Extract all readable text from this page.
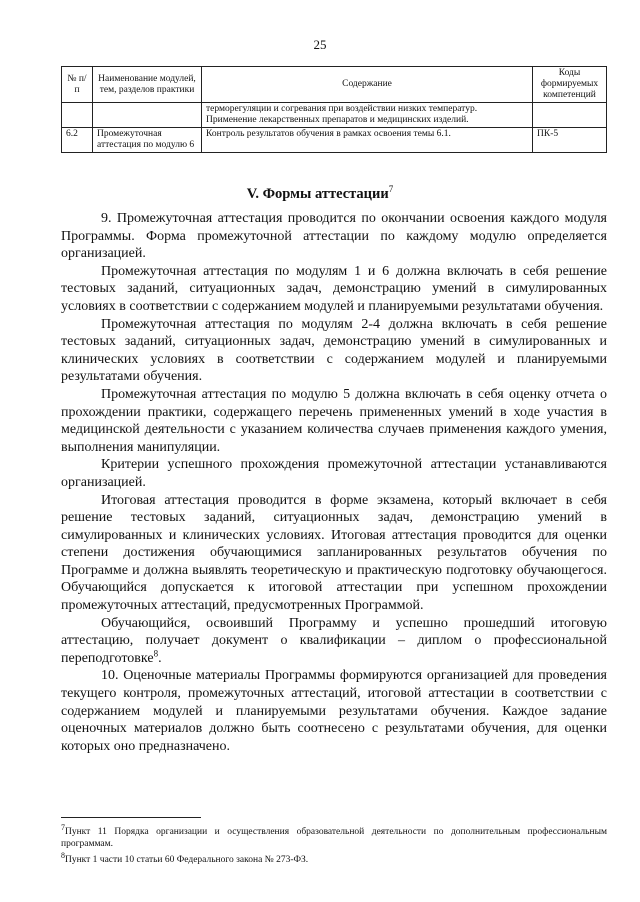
25
№ п/п	Наименование модулей, тем, разделов практики	Содержание	Коды формируемых компетенций

		терморегуляции и согревания при воздействии низких температур.
Применение лекарственных препаратов и медицинских изделий.	

6.2	Промежуточная аттестация по модулю 6	Контроль результатов обучения в рамках освоения темы 6.1.	ПК-5
V. Формы аттестации$^7$

9. Промежуточная аттестация проводится по окончании освоения каждого модуля Программы. Форма промежуточной аттестации по каждому модулю определяется организацией.

Промежуточная аттестация по модулям 1 и 6 должна включать в себя решение тестовых заданий, ситуационных задач, демонстрацию умений в симулированных условиях в соответствии с содержанием модулей и планируемыми результатами обучения.

Промежуточная аттестация по модулям 2-4 должна включать в себя решение тестовых заданий, ситуационных задач, демонстрацию умений в симулированных и клинических условиях в соответствии с содержанием модулей и планируемыми результатами обучения.

Промежуточная аттестация по модулю 5 должна включать в себя оценку отчета о прохождении практики, содержащего перечень примененных умений в ходе участия в медицинской деятельности с указанием количества случаев применения каждого умения, выполнения манипуляции.

Критерии успешного прохождения промежуточной аттестации устанавливаются организацией.

Итоговая аттестация проводится в форме экзамена, который включает в себя решение тестовых заданий, ситуационных задач, демонстрацию умений в симулированных и клинических условиях. Итоговая аттестация проводится для оценки степени достижения обучающимися запланированных результатов обучения по Программе и должна выявлять теоретическую и практическую подготовку обучающегося. Обучающийся допускается к итоговой аттестации при успешном прохождении промежуточных аттестаций, предусмотренных Программой.

Обучающийся, освоивший Программу и успешно прошедший итоговую аттестацию, получает документ о квалификации – диплом о профессиональной переподготовке$^8$.

10. Оценочные материалы Программы формируются организацией для проведения текущего контроля, промежуточных аттестаций, итоговой аттестации в соответствии с содержанием модулей и планируемыми результатами обучения. Каждое задание оценочных материалов должно быть соотнесено с результатами обучения, для оценки которых оно предназначено.

$^7$Пункт 11 Порядка организации и осуществления образовательной деятельности по дополнительным профессиональным программам.

$^8$Пункт 1 части 10 статьи 60 Федерального закона № 273-ФЗ.
